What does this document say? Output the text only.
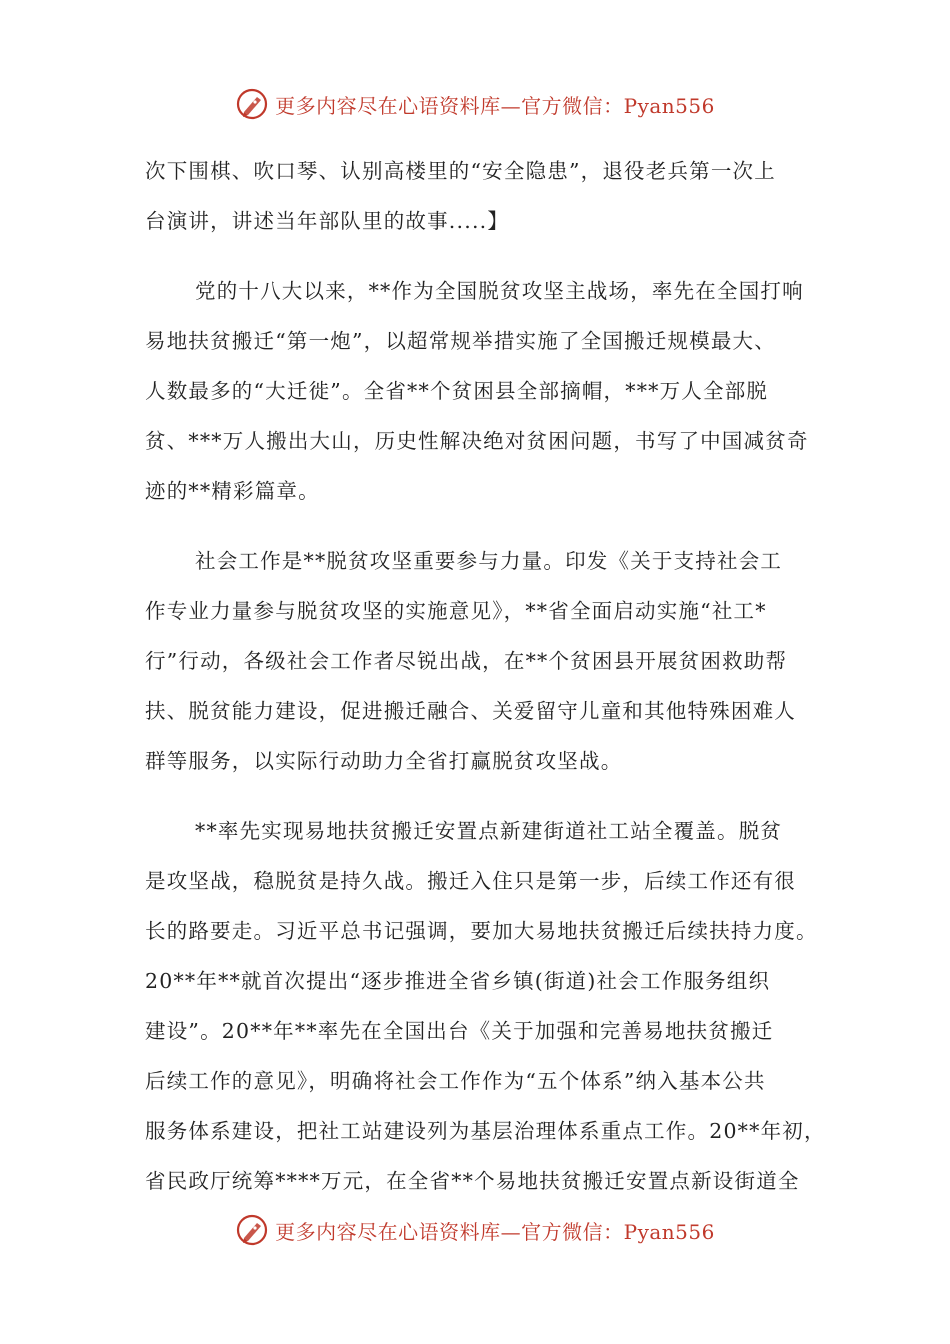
更多内容尽在心语资料库—官方微信：Pyan556
次下围棋、吹口琴、认别高楼里的“安全隐患”，退役老兵第一次上
台演讲，讲述当年部队里的故事.....】
党的十八大以来，**作为全国脱贫攻坚主战场，率先在全国打响
易地扶贫搬迁“第一炮”，以超常规举措实施了全国搬迁规模最大、
人数最多的“大迁徙”。全省**个贫困县全部摘帽，***万人全部脱
贫、***万人搬出大山，历史性解决绝对贫困问题，书写了中国减贫奇
迹的**精彩篇章。
社会工作是**脱贫攻坚重要参与力量。印发《关于支持社会工
作专业力量参与脱贫攻坚的实施意见》，**省全面启动实施“社工*
行”行动，各级社会工作者尽锐出战，在**个贫困县开展贫困救助帮
扶、脱贫能力建设，促进搬迁融合、关爱留守儿童和其他特殊困难人
群等服务，以实际行动助力全省打赢脱贫攻坚战。
**率先实现易地扶贫搬迁安置点新建街道社工站全覆盖。脱贫
是攻坚战，稳脱贫是持久战。搬迁入住只是第一步，后续工作还有很
长的路要走。习近平总书记强调，要加大易地扶贫搬迁后续扶持力度。
20**年**就首次提出“逐步推进全省乡镇(街道)社会工作服务组织
建设”。20**年**率先在全国出台《关于加强和完善易地扶贫搬迁
后续工作的意见》，明确将社会工作作为“五个体系”纳入基本公共
服务体系建设，把社工站建设列为基层治理体系重点工作。20**年初，
省民政厅统筹****万元，在全省**个易地扶贫搬迁安置点新设街道全
更多内容尽在心语资料库—官方微信：Pyan556
